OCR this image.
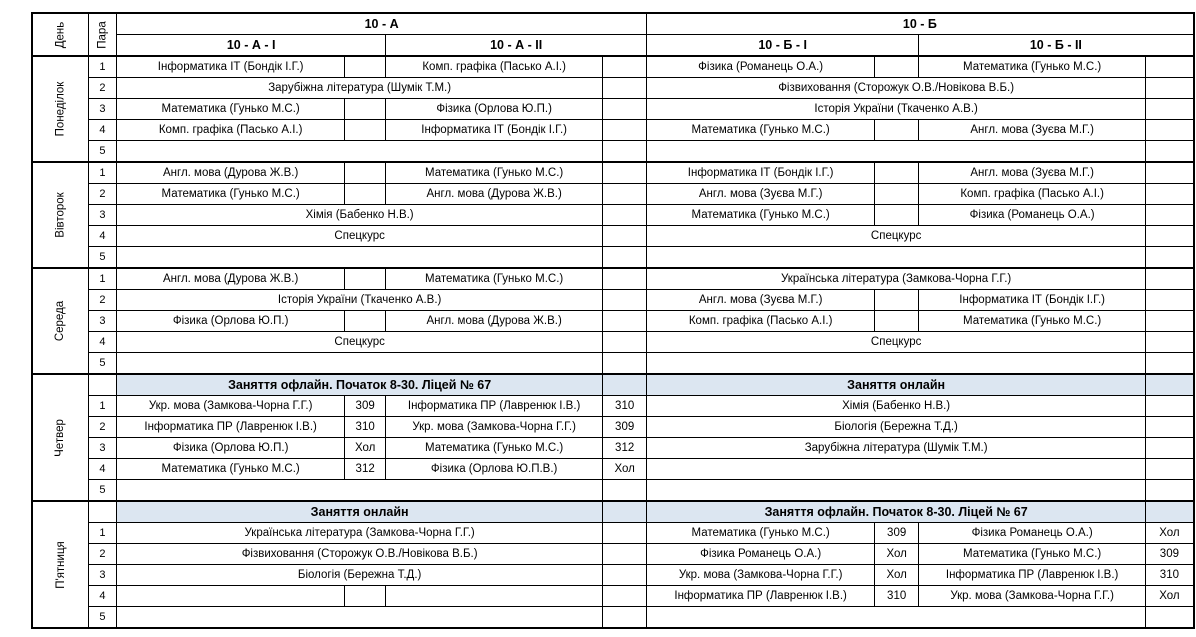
День	Пара	10 - А				10 - Б			
		10 - А - І		10 - А - ІІ		10 - Б - І		10 - Б - ІІ	
Понеділок	1	Інформатика ІТ (Бондік І.Г.)		Комп. графіка (Пасько А.І.)		Фізика (Романець О.А.)		Математика (Гунько М.С.)	
	2	Зарубіжна література (Шумік Т.М.)				Фізвиховання (Сторожук О.В./Новікова В.Б.)			
	3	Математика (Гунько М.С.)		Фізика (Орлова Ю.П.)		Історія України (Ткаченко А.В.)			
	4	Комп. графіка (Пасько А.І.)		Інформатика ІТ (Бондік І.Г.)		Математика (Гунько М.С.)		Англ. мова (Зуєва М.Г.)	
	5								
Вівторок	1	Англ. мова (Дурова Ж.В.)		Математика (Гунько М.С.)		Інформатика ІТ (Бондік І.Г.)		Англ. мова (Зуєва М.Г.)	
	2	Математика (Гунько М.С.)		Англ. мова (Дурова Ж.В.)		Англ. мова (Зуєва М.Г.)		Комп. графіка (Пасько А.І.)	
	3	Хімія (Бабенко Н.В.)				Математика (Гунько М.С.)		Фізика (Романець О.А.)	
	4	Спецкурс				Спецкурс			
	5								
Середа	1	Англ. мова (Дурова Ж.В.)		Математика (Гунько М.С.)		Українська література (Замкова-Чорна Г.Г.)			
	2	Історія України (Ткаченко А.В.)				Англ. мова (Зуєва М.Г.)		Інформатика ІТ (Бондік І.Г.)	
	3	Фізика (Орлова Ю.П.)		Англ. мова (Дурова Ж.В.)		Комп. графіка (Пасько А.І.)		Математика (Гунько М.С.)	
	4	Спецкурс				Спецкурс			
	5								
Четвер		Заняття офлайн. Початок 8-30. Ліцей № 67				Заняття онлайн			
	1	Укр. мова (Замкова-Чорна Г.Г.)	309	Інформатика ПР (Лавренюк І.В.)	310	Хімія (Бабенко Н.В.)			
	2	Інформатика ПР (Лавренюк І.В.)	310	Укр. мова (Замкова-Чорна Г.Г.)	309	Біологія (Бережна Т.Д.)			
	3	Фізика (Орлова Ю.П.)	Хол	Математика (Гунько М.С.)	312	Зарубіжна література (Шумік Т.М.)			
	4	Математика (Гунько М.С.)	312	Фізика (Орлова Ю.П.В.)	Хол				
	5								
П'ятниця		Заняття онлайн				Заняття офлайн. Початок 8-30. Ліцей № 67			
	1	Українська література (Замкова-Чорна Г.Г.)				Математика (Гунько М.С.)	309	Фізика Романець О.А.)	Хол
	2	Фізвиховання (Сторожук О.В./Новікова В.Б.)				Фізика Романець О.А.)	Хол	Математика (Гунько М.С.)	309
	3	Біологія (Бережна Т.Д.)				Укр. мова (Замкова-Чорна Г.Г.)	Хол	Інформатика ПР (Лавренюк І.В.)	310
	4					Інформатика ПР (Лавренюк І.В.)	310	Укр. мова (Замкова-Чорна Г.Г.)	Хол
	5								
